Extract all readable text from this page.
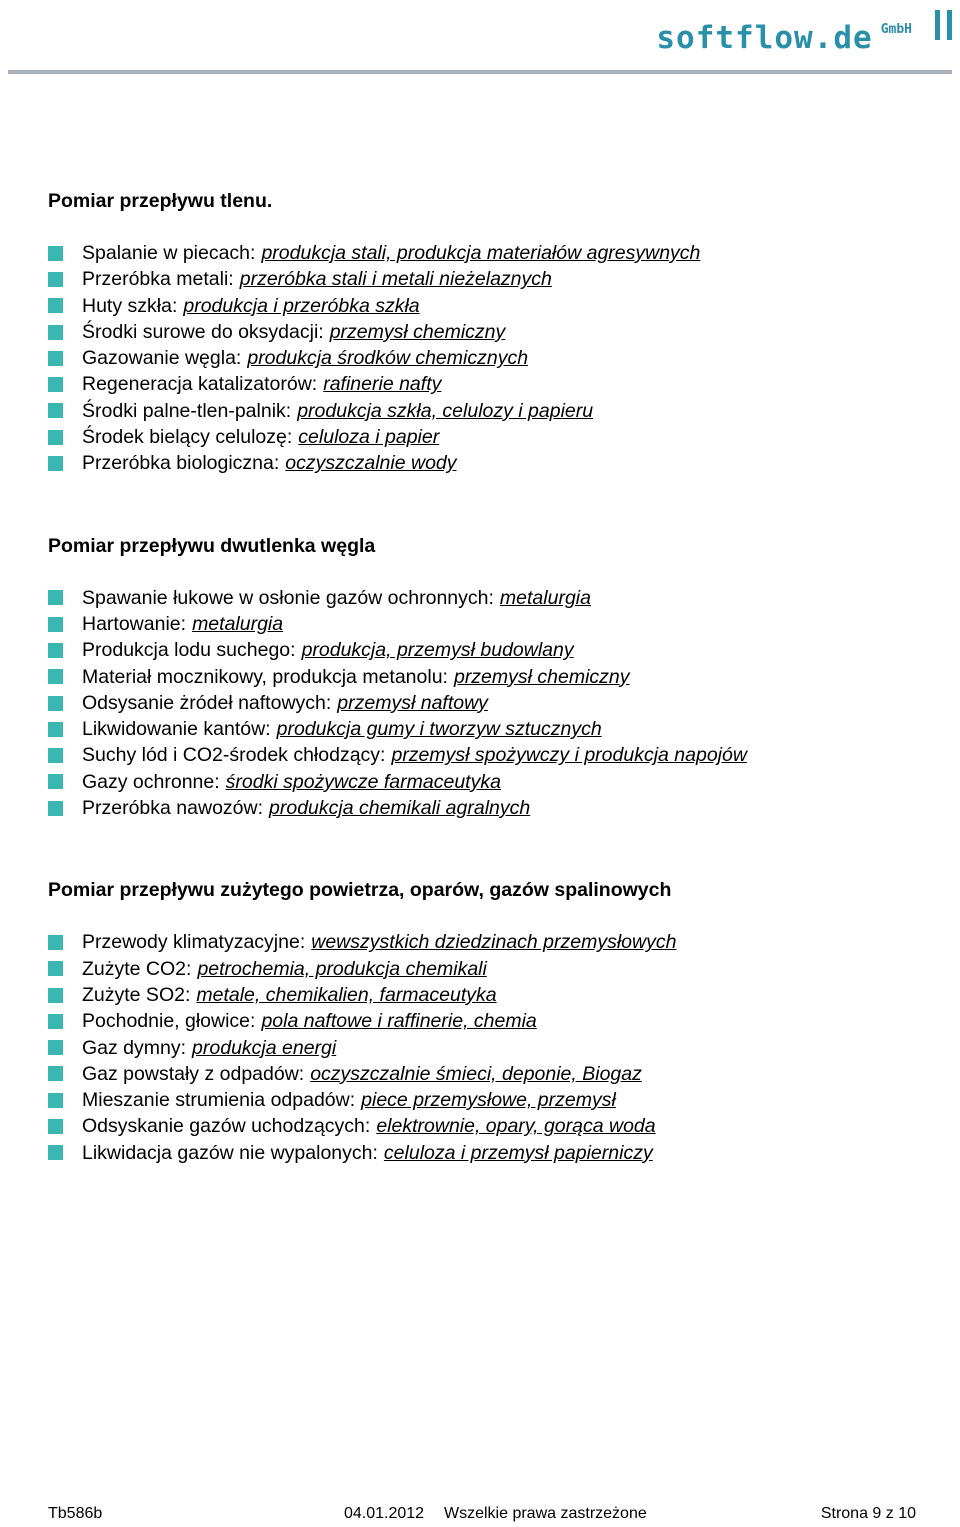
softflow.de GmbH
Pomiar przepływu tlenu.
Spalanie w piecach: produkcja stali, produkcja materiałów agresywnych
Przeróbka metali: przeróbka stali i metali nieżelaznych
Huty szkła: produkcja i przeróbka szkła
Środki surowe do oksydacji: przemysł chemiczny
Gazowanie węgla: produkcja środków chemicznych
Regeneracja katalizatorów: rafinerie nafty
Środki palne-tlen-palnik: produkcja szkła, celulozy i papieru
Środek bielący celulozę: celuloza i papier
Przeróbka biologiczna: oczyszczalnie wody
Pomiar przepływu dwutlenka węgla
Spawanie łukowe w osłonie gazów ochronnych: metalurgia
Hartowanie: metalurgia
Produkcja lodu suchego: produkcja, przemysł budowlany
Materiał mocznikowy, produkcja metanolu: przemysł chemiczny
Odsysanie żródeł naftowych: przemysł naftowy
Likwidowanie kantów: produkcja gumy i tworzyw sztucznych
Suchy lód i CO2-środek chłodzący: przemysł spożywczy i produkcja napojów
Gazy ochronne: środki spożywcze farmaceutyka
Przeróbka nawozów: produkcja chemikali agralnych
Pomiar przepływu zużytego powietrza, oparów, gazów spalinowych
Przewody klimatyzacyjne: wewszystkich dziedzinach przemysłowych
Zużyte CO2: petrochemia, produkcja chemikali
Zużyte SO2: metale, chemikalien, farmaceutyka
Pochodnie, głowice: pola naftowe i raffinerie, chemia
Gaz dymny: produkcja energi
Gaz powstały z odpadów: oczyszczalnie śmieci, deponie, Biogaz
Mieszanie strumienia odpadów: piece przemysłowe, przemysł
Odsyskanie gazów uchodzących: elektrownie, opary, gorąca woda
Likwidacja gazów nie wypalonych: celuloza i przemysł papierniczy
Tb586b	04.01.2012 Wszelkie prawa zastrzeżone	Strona 9 z 10
